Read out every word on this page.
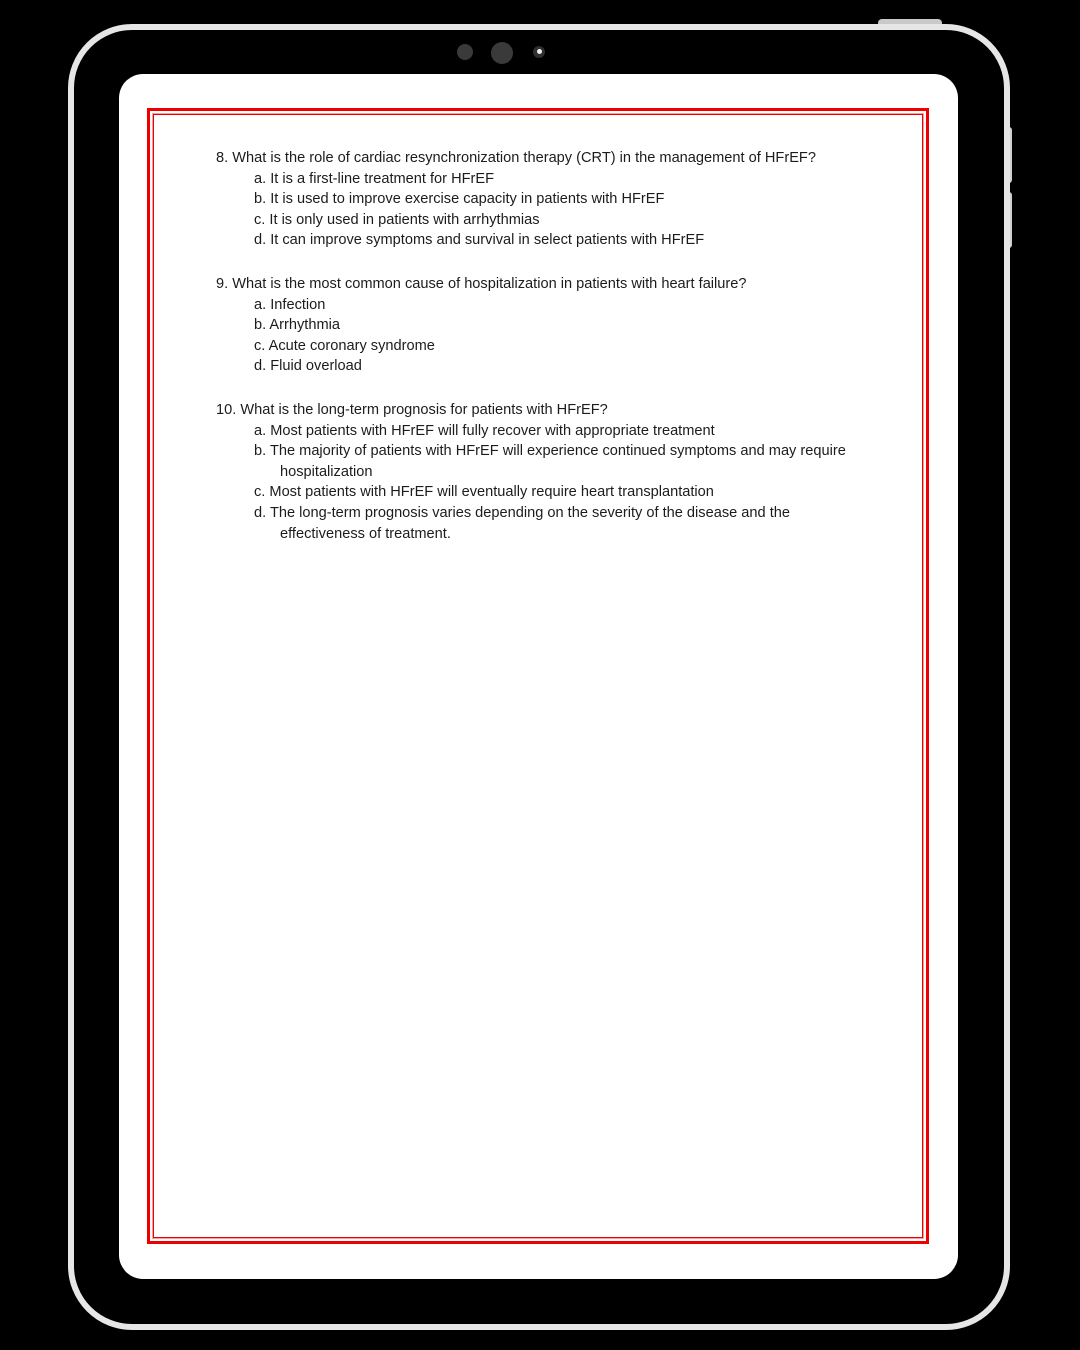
8. What is the role of cardiac resynchronization therapy (CRT) in the management of HFrEF?
a. It is a first-line treatment for HFrEF
b. It is used to improve exercise capacity in patients with HFrEF
c. It is only used in patients with arrhythmias
d. It can improve symptoms and survival in select patients with HFrEF
9. What is the most common cause of hospitalization in patients with heart failure?
a. Infection
b. Arrhythmia
c. Acute coronary syndrome
d. Fluid overload
10. What is the long-term prognosis for patients with HFrEF?
a. Most patients with HFrEF will fully recover with appropriate treatment
b. The majority of patients with HFrEF will experience continued symptoms and may require hospitalization
c. Most patients with HFrEF will eventually require heart transplantation
d. The long-term prognosis varies depending on the severity of the disease and the effectiveness of treatment.
